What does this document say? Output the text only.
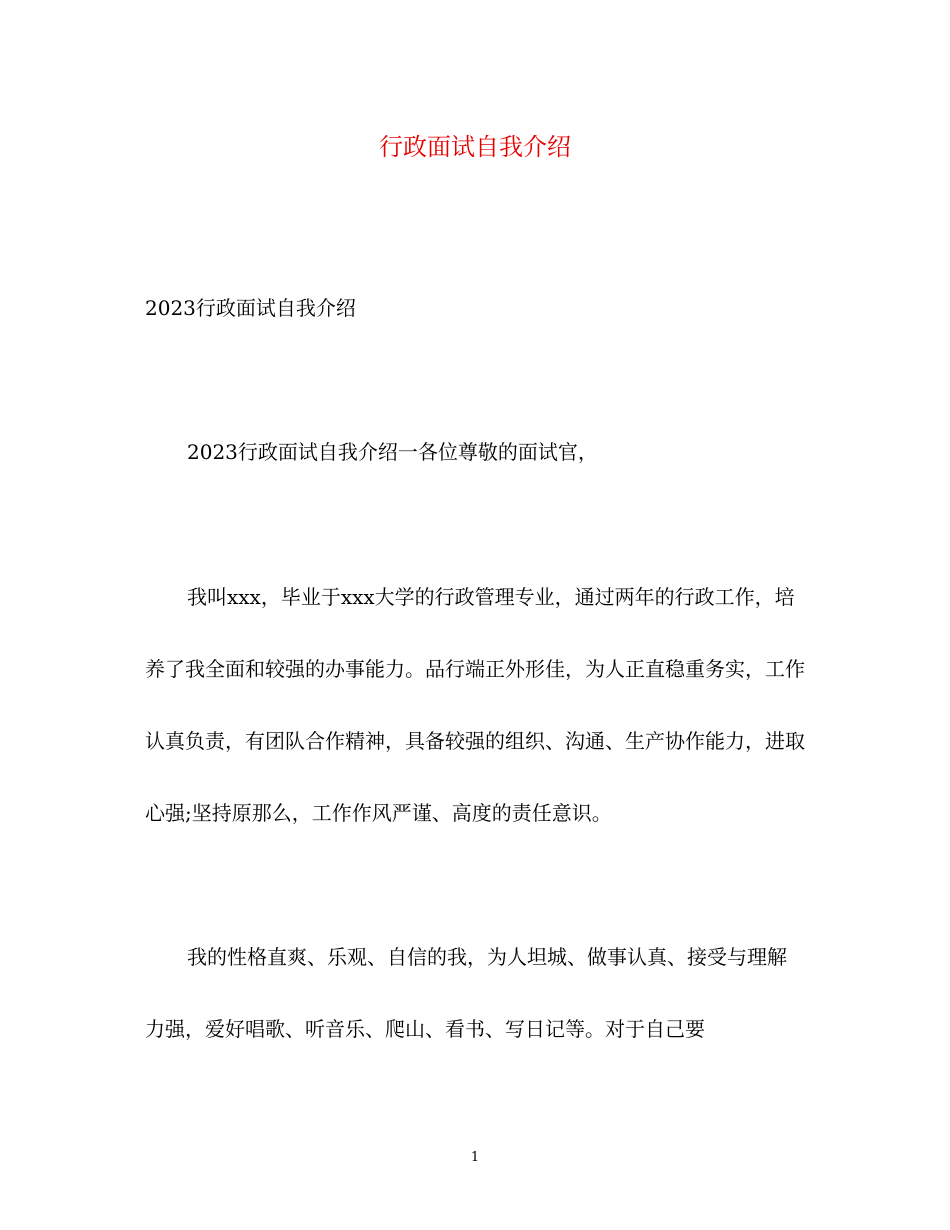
行政面试自我介绍
2023行政面试自我介绍
2023行政面试自我介绍一各位尊敬的面试官，

我叫xxx，毕业于xxx大学的行政管理专业，通过两年的行政工作，培养了我全面和较强的办事能力。品行端正外形佳，为人正直稳重务实，工作认真负责，有团队合作精神，具备较强的组织、沟通、生产协作能力，进取心强;坚持原那么，工作作风严谨、高度的责任意识。

我的性格直爽、乐观、自信的我，为人坦城、做事认真、接受与理解力强，爱好唱歌、听音乐、爬山、看书、写日记等。对于自己要

1
